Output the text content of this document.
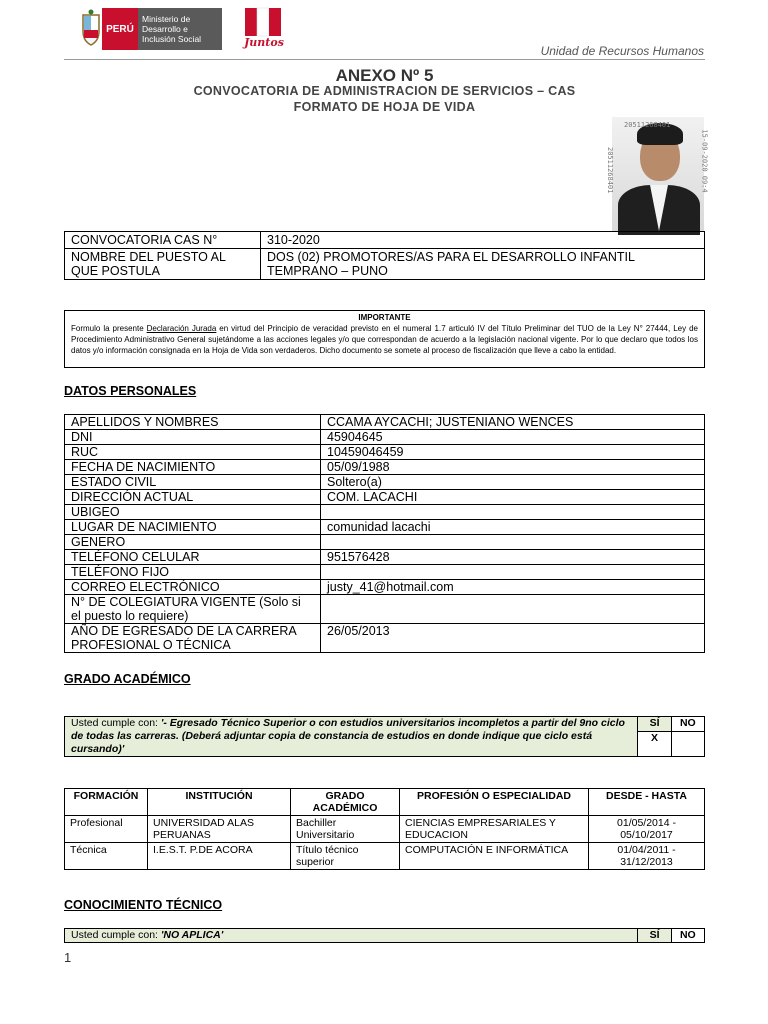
PERÚ
Ministerio de Desarrollo e Inclusión Social	Juntos
Unidad de Recursos Humanos
ANEXO Nº 5
CONVOCATORIA DE ADMINISTRACION DE SERVICIOS – CAS
FORMATO DE HOJA DE VIDA
20511268401
20511268401	15-09-2020 09:4
CONVOCATORIA CAS N°	310-2020
NOMBRE DEL PUESTO AL QUE POSTULA	DOS (02) PROMOTORES/AS PARA EL DESARROLLO INFANTIL TEMPRANO – PUNO
IMPORTANTE
Formulo la presente Declaración Jurada en virtud del Principio de veracidad previsto en el numeral 1.7 articuló IV del Título Preliminar del TUO de la Ley N° 27444, Ley de Procedimiento Administrativo General sujetándome a las acciones legales y/o que correspondan de acuerdo a la legislación nacional vigente. Por lo que declaro que todos los datos y/o información consignada en la Hoja de Vida son verdaderos. Dicho documento se somete al proceso de fiscalización que lleve a cabo la entidad.
DATOS PERSONALES
APELLIDOS Y NOMBRES	CCAMA AYCACHI; JUSTENIANO WENCES
DNI	45904645
RUC	10459046459
FECHA DE NACIMIENTO	05/09/1988
ESTADO CIVIL	Soltero(a)
DIRECCIÓN ACTUAL	COM. LACACHI
UBIGEO	
LUGAR DE NACIMIENTO	comunidad lacachi
GENERO	
TELÉFONO CELULAR	951576428
TELÉFONO FIJO	
CORREO ELECTRÓNICO	justy_41@hotmail.com
N° DE COLEGIATURA VIGENTE (Solo si el puesto lo requiere)	
AÑO DE EGRESADO DE LA CARRERA PROFESIONAL O TÉCNICA	26/05/2013
GRADO ACADÉMICO
Usted cumple con: '- Egresado Técnico Superior o con estudios universitarios incompletos a partir del 9no ciclo de todas las carreras. (Deberá adjuntar copia de constancia de estudios en donde indique que ciclo está cursando)'	SÍ	NO
	X	
FORMACIÓN	INSTITUCIÓN	GRADO ACADÉMICO	PROFESIÓN O ESPECIALIDAD	DESDE - HASTA
Profesional	UNIVERSIDAD ALAS PERUANAS	Bachiller Universitario	CIENCIAS EMPRESARIALES Y EDUCACION	01/05/2014 - 05/10/2017
Técnica	I.E.S.T. P.DE ACORA	Título técnico superior	COMPUTACIÓN E INFORMÁTICA	01/04/2011 - 31/12/2013
CONOCIMIENTO TÉCNICO
Usted cumple con: 'NO APLICA'	SÍ	NO
1
